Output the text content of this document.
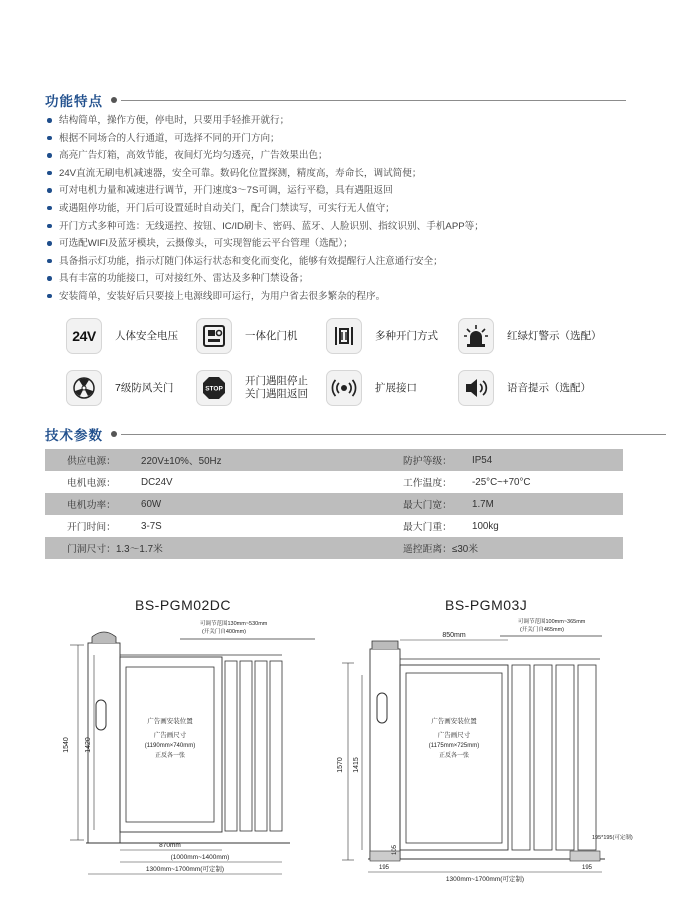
功能特点
结构简单，操作方便，停电时，只要用手轻推开就行；
根据不同场合的人行通道，可选择不同的开门方向；
高亮广告灯箱，高效节能，夜间灯光均匀透亮，广告效果出色；
24V直流无刷电机减速器，安全可靠。数码化位置探测，精度高，寿命长，调试简便；
可对电机力量和减速进行调节，开门速度3～7S可调，运行平稳，具有遇阻返回
或遇阻停功能，开门后可设置延时自动关门，配合门禁读写，可实行无人值守；
开门方式多种可选：无线遥控、按钮、IC/ID刷卡、密码、蓝牙、人脸识别、指纹识别、手机APP等；
可选配WIFI及蓝牙模块，云摄像头，可实现智能云平台管理（选配）；
具备指示灯功能，指示灯随门体运行状态和变化而变化，能够有效提醒行人注意通行安全；
具有丰富的功能接口，可对接红外、雷达及多种门禁设备；
安装简单，安装好后只要接上电源线即可运行，为用户省去很多繁杂的程序。
24V 人体安全电压	一体化门机	多种开门方式	红绿灯警示（选配）
7级防风关门	STOP
开门遇阻停止
关门遇阻返回
扩展接口	语音提示（选配）
技术参数
供应电源：	220V±10%、50Hz	防护等级： IP54
电机电源：	DC24V	工作温度： -25°C~+70°C
电机功率：	60W	最大门宽： 1.7M
开门时间：	3-7S	最大门重： 100kg
门洞尺寸：1.3～1.7米	遥控距离：≤30米
BS-PGM02DC	BS-PGM03J
可调节范围130mm~530mm
(开关门自400mm)
1540 1420
广告画安装位置
广告画尺寸
(1190mm×740mm)
正反各一张
870mm
(1000mm~1400mm)
1300mm~1700mm(可定制)
可调节范围100mm~365mm
(开关门自465mm)
850mm
1570 1415
广告画安装位置
广告画尺寸
(1175mm×725mm)
正反各一张
105
195*195(可定制)
195	195
1300mm~1700mm(可定制)
